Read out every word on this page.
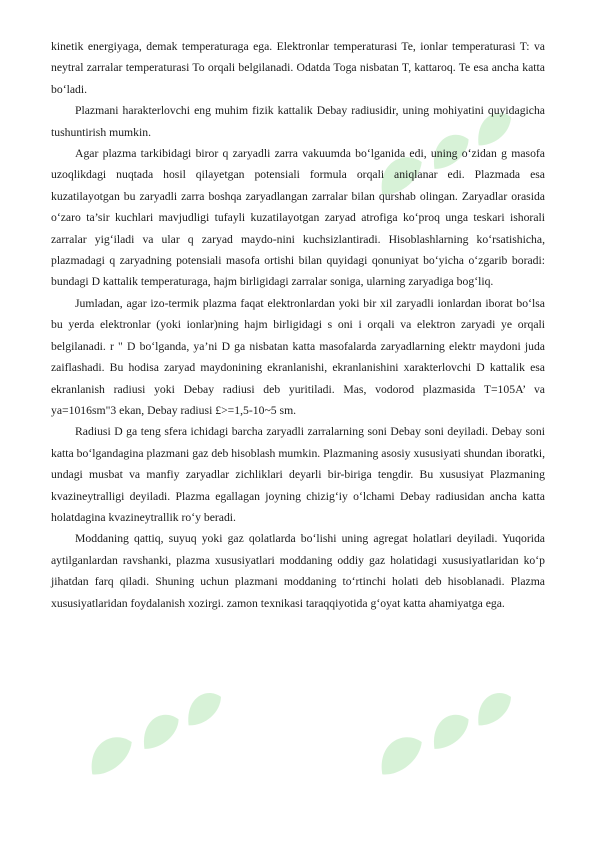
kinetik energiyaga, demak temperaturaga ega. Elektronlar temperaturasi Te, ionlar temperaturasi T: va neytral zarralar temperaturasi To orqali belgilanadi. Odatda Toga nisbatan T, kattaroq. Te esa ancha katta bo‘ladi.

Plazmani harakterlovchi eng muhim fizik kattalik Debay radiusidir, uning mohiyatini quyidagicha tushuntirish mumkin.

Agar plazma tarkibidagi biror q zaryadli zarra vakuumda bo‘lganida edi, uning o‘zidan g masofa uzoqlikdagi nuqtada hosil qilayetgan potensiali formula orqali aniqlanar edi. Plazmada esa kuzatilayotgan bu zaryadli zarra boshqa zaryadlangan zarralar bilan qurshab olingan. Zaryadlar orasida o‘zaro ta’sir kuchlari mavjudligi tufayli kuzatilayotgan zaryad atrofiga ko‘proq unga teskari ishorali zarralar yig‘iladi va ular q zaryad maydo-nini kuchsizlantiradi. Hisoblashlarning ko‘rsatishicha, plazmadagi q zaryadning potensiali masofa ortishi bilan quyidagi qonuniyat bo‘yicha o‘zgarib boradi: bundagi D kattalik temperaturaga, hajm birligidagi zarralar soniga, ularning zaryadiga bog‘liq.

Jumladan, agar izo-termik plazma faqat elektronlardan yoki bir xil zaryadli ionlardan iborat bo‘lsa bu yerda elektronlar (yoki ionlar)ning hajm birligidagi s oni i orqali va elektron zaryadi ye orqali belgilanadi. r " D bo‘lganda, ya’ni D ga nisbatan katta masofalarda zaryadlarning elektr maydoni juda zaiflashadi. Bu hodisa zaryad maydonining ekranlanishi, ekranlanishini xarakterlovchi D kattalik esa ekranlanish radiusi yoki Debay radiusi deb yuritiladi. Mas, vodorod plazmasida T=105A’ va ya=1016sm"3 ekan, Debay radiusi £>=1,5-10~5 sm.

Radiusi D ga teng sfera ichidagi barcha zaryadli zarralarning soni Debay soni deyiladi. Debay soni katta bo‘lgandagina plazmani gaz deb hisoblash mumkin. Plazmaning asosiy xususiyati shundan iboratki, undagi musbat va manfiy zaryadlar zichliklari deyarli bir-biriga tengdir. Bu xususiyat Plazmaning kvazineytralligi deyiladi. Plazma egallagan joyning chizig‘iy o‘lchami Debay radiusidan ancha katta holatdagina kvazineytrallik ro‘y beradi.

Moddaning qattiq, suyuq yoki gaz qolatlarda bo‘lishi uning agregat holatlari deyiladi. Yuqorida aytilganlardan ravshanki, plazma xususiyatlari moddaning oddiy gaz holatidagi xususiyatlaridan ko‘p jihatdan farq qiladi. Shuning uchun plazmani moddaning to‘rtinchi holati deb hisoblanadi. Plazma xususiyatlaridan foydalanish xozirgi. zamon texnikasi taraqqiyotida g‘oyat katta ahamiyatga ega.
